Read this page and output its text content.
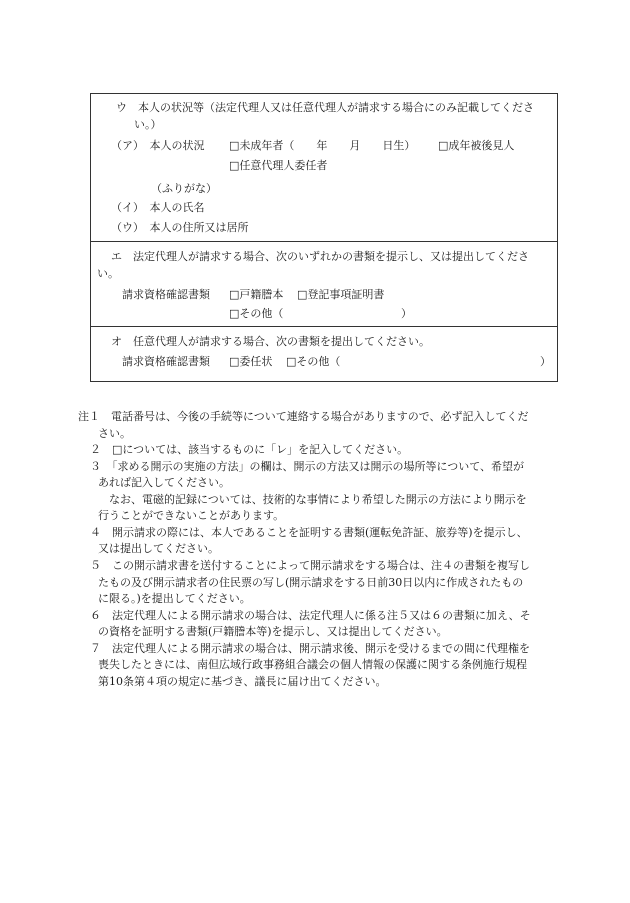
ウ　本人の状況等（法定代理人又は任意代理人が請求する場合にのみ記載してくださ
い。）
（ア）　本人の状況 □未成年者（　　年　　月　　日生） □成年被後見人
□任意代理人委任者
（ふりがな）
（イ）　本人の氏名
（ウ）　本人の住所又は居所
エ　法定代理人が請求する場合、次のいずれかの書類を提示し、又は提出してくださ
い。
請求資格確認書類 □戸籍謄本 □登記事項証明書
□その他（	）
オ　任意代理人が請求する場合、次の書類を提出してください。
請求資格確認書類 □委任状 □その他（	）
注１　電話番号は、今後の手続等について連絡する場合がありますので、必ず記入してくだ
さい。
２　□については、該当するものに「レ」を記入してください。
３　「求める開示の実施の方法」の欄は、開示の方法又は開示の場所等について、希望が
あれば記入してください。
なお、電磁的記録については、技術的な事情により希望した開示の方法により開示を
行うことができないことがあります。
４　開示請求の際には、本人であることを証明する書類(運転免許証、旅券等)を提示し、
又は提出してください。
５　この開示請求書を送付することによって開示請求をする場合は、注４の書類を複写し
たもの及び開示請求者の住民票の写し(開示請求をする日前30日以内に作成されたもの
に限る。)を提出してください。
６　法定代理人による開示請求の場合は、法定代理人に係る注５又は６の書類に加え、そ
の資格を証明する書類(戸籍謄本等)を提示し、又は提出してください。
７　法定代理人による開示請求の場合は、開示請求後、開示を受けるまでの間に代理権を
喪失したときには、南但広域行政事務組合議会の個人情報の保護に関する条例施行規程
第10条第４項の規定に基づき、議長に届け出てください。
